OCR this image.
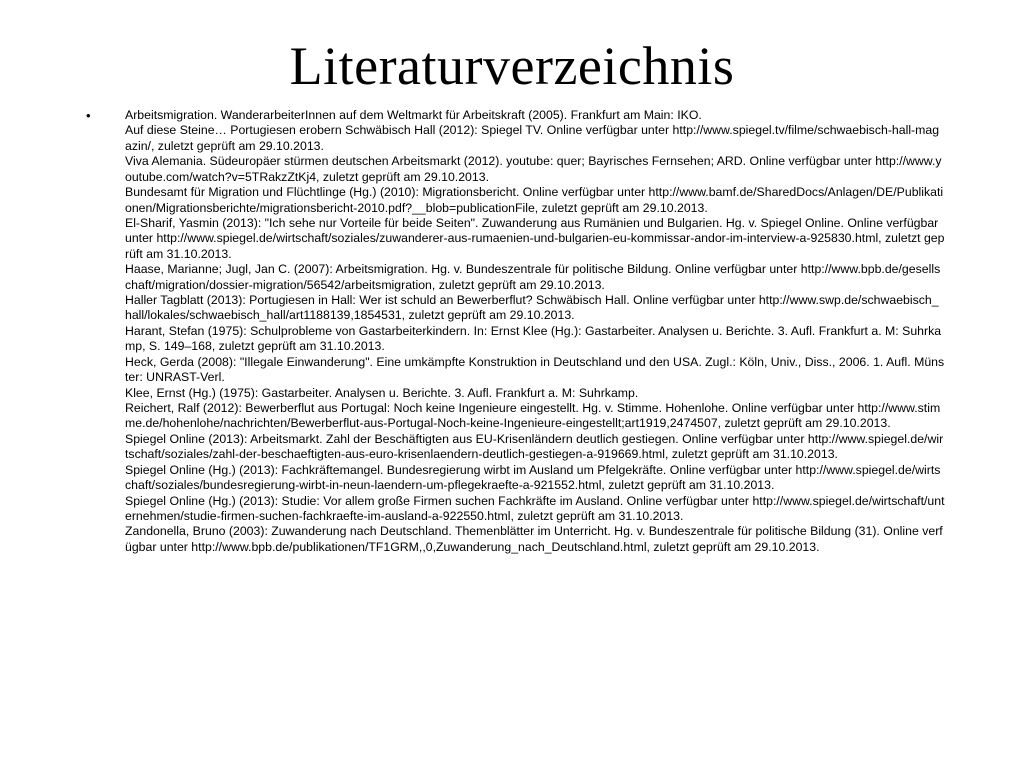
Literaturverzeichnis
•	Arbeitsmigration. WanderarbeiterInnen auf dem Weltmarkt für Arbeitskraft (2005). Frankfurt am Main: IKO.
Auf diese Steine… Portugiesen erobern Schwäbisch Hall (2012): Spiegel TV. Online verfügbar unter http://www.spiegel.tv/filme/schwaebisch-hall-magazin/, zuletzt geprüft am 29.10.2013.
Viva Alemania. Südeuropäer stürmen deutschen Arbeitsmarkt (2012). youtube: quer; Bayrisches Fernsehen; ARD. Online verfügbar unter http://www.youtube.com/watch?v=5TRakzZtKj4, zuletzt geprüft am 29.10.2013.
Bundesamt für Migration und Flüchtlinge (Hg.) (2010): Migrationsbericht. Online verfügbar unter http://www.bamf.de/SharedDocs/Anlagen/DE/Publikationen/Migrationsberichte/migrationsbericht-2010.pdf?__blob=publicationFile, zuletzt geprüft am 29.10.2013.
El-Sharif, Yasmin (2013): "Ich sehe nur Vorteile für beide Seiten". Zuwanderung aus Rumänien und Bulgarien. Hg. v. Spiegel Online. Online verfügbar unter http://www.spiegel.de/wirtschaft/soziales/zuwanderer-aus-rumaenien-und-bulgarien-eu-kommissar-andor-im-interview-a-925830.html, zuletzt geprüft am 31.10.2013.
Haase, Marianne; Jugl, Jan C. (2007): Arbeitsmigration. Hg. v. Bundeszentrale für politische Bildung. Online verfügbar unter http://www.bpb.de/gesellschaft/migration/dossier-migration/56542/arbeitsmigration, zuletzt geprüft am 29.10.2013.
Haller Tagblatt (2013): Portugiesen in Hall: Wer ist schuld an Bewerberflut? Schwäbisch Hall. Online verfügbar unter http://www.swp.de/schwaebisch_hall/lokales/schwaebisch_hall/art1188139,1854531, zuletzt geprüft am 29.10.2013.
Harant, Stefan (1975): Schulprobleme von Gastarbeiterkindern. In: Ernst Klee (Hg.): Gastarbeiter. Analysen u. Berichte. 3. Aufl. Frankfurt a. M: Suhrkamp, S. 149–168, zuletzt geprüft am 31.10.2013.
Heck, Gerda (2008): "Illegale Einwanderung". Eine umkämpfte Konstruktion in Deutschland und den USA. Zugl.: Köln, Univ., Diss., 2006. 1. Aufl. Münster: UNRAST-Verl.
Klee, Ernst (Hg.) (1975): Gastarbeiter. Analysen u. Berichte. 3. Aufl. Frankfurt a. M: Suhrkamp.
Reichert, Ralf (2012): Bewerberflut aus Portugal: Noch keine Ingenieure eingestellt. Hg. v. Stimme. Hohenlohe. Online verfügbar unter http://www.stimme.de/hohenlohe/nachrichten/Bewerberflut-aus-Portugal-Noch-keine-Ingenieure-eingestellt;art1919,2474507, zuletzt geprüft am 29.10.2013.
Spiegel Online (2013): Arbeitsmarkt. Zahl der Beschäftigten aus EU-Krisenländern deutlich gestiegen. Online verfügbar unter http://www.spiegel.de/wirtschaft/soziales/zahl-der-beschaeftigten-aus-euro-krisenlaendern-deutlich-gestiegen-a-919669.html, zuletzt geprüft am 31.10.2013.
Spiegel Online (Hg.) (2013): Fachkräftemangel. Bundesregierung wirbt im Ausland um Pfelgekräfte. Online verfügbar unter http://www.spiegel.de/wirtschaft/soziales/bundesregierung-wirbt-in-neun-laendern-um-pflegekraefte-a-921552.html, zuletzt geprüft am 31.10.2013.
Spiegel Online (Hg.) (2013): Studie: Vor allem große Firmen suchen Fachkräfte im Ausland. Online verfügbar unter http://www.spiegel.de/wirtschaft/unternehmen/studie-firmen-suchen-fachkraefte-im-ausland-a-922550.html, zuletzt geprüft am 31.10.2013.
Zandonella, Bruno (2003): Zuwanderung nach Deutschland. Themenblätter im Unterricht. Hg. v. Bundeszentrale für politische Bildung (31). Online verfügbar unter http://www.bpb.de/publikationen/TF1GRM,,0,Zuwanderung_nach_Deutschland.html, zuletzt geprüft am 29.10.2013.
